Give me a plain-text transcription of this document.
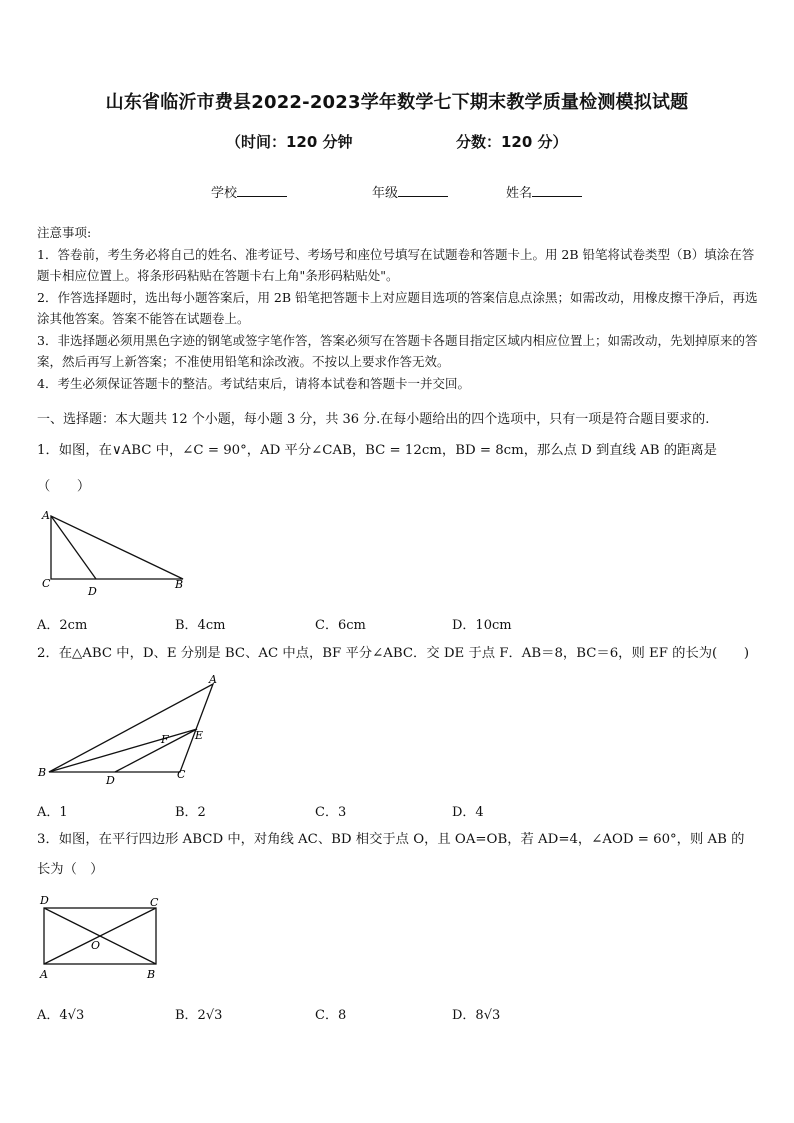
山东省临沂市费县2022-2023学年数学七下期末教学质量检测模拟试题
（时间：120 分钟	分数：120 分）
学校	年级	姓名

注意事项:

1．答卷前，考生务必将自己的姓名、准考证号、考场号和座位号填写在试题卷和答题卡上。用 2B 铅笔将试卷类型（B）填涂在答题卡相应位置上。将条形码粘贴在答题卡右上角"条形码粘贴处"。

2．作答选择题时，选出每小题答案后，用 2B 铅笔把答题卡上对应题目选项的答案信息点涂黑；如需改动，用橡皮擦干净后，再选涂其他答案。答案不能答在试题卷上。

3．非选择题必须用黑色字迹的钢笔或签字笔作答，答案必须写在答题卡各题目指定区域内相应位置上；如需改动，先划掉原来的答案，然后再写上新答案；不准使用铅笔和涂改液。不按以上要求作答无效。

4．考生必须保证答题卡的整洁。考试结束后，请将本试卷和答题卡一并交回。

一、选择题：本大题共 12 个小题，每小题 3 分，共 36 分.在每小题给出的四个选项中，只有一项是符合题目要求的.
1．如图，在∨ABC 中，∠C = 90°，AD 平分∠CAB，BC = 12cm，BD = 8cm，那么点 D 到直线 AB 的距离是
（　　）
A
C
D
B
A．2cm	B．4cm	C．6cm	D．10cm
2．在△ABC 中，D、E 分别是 BC、AC 中点，BF 平分∠ABC．交 DE 于点 F．AB＝8，BC＝6，则 EF 的长为(　　)
A
E
F
B
D	C
A．1	B．2	C．3	D．4
3．如图，在平行四边形 ABCD 中，对角线 AC、BD 相交于点 O，且 OA=OB，若 AD=4，∠AOD = 60°，则 AB 的
长为（　）
D	C
O
A	B
A．4√3	B．2√3	C．8	D．8√3
